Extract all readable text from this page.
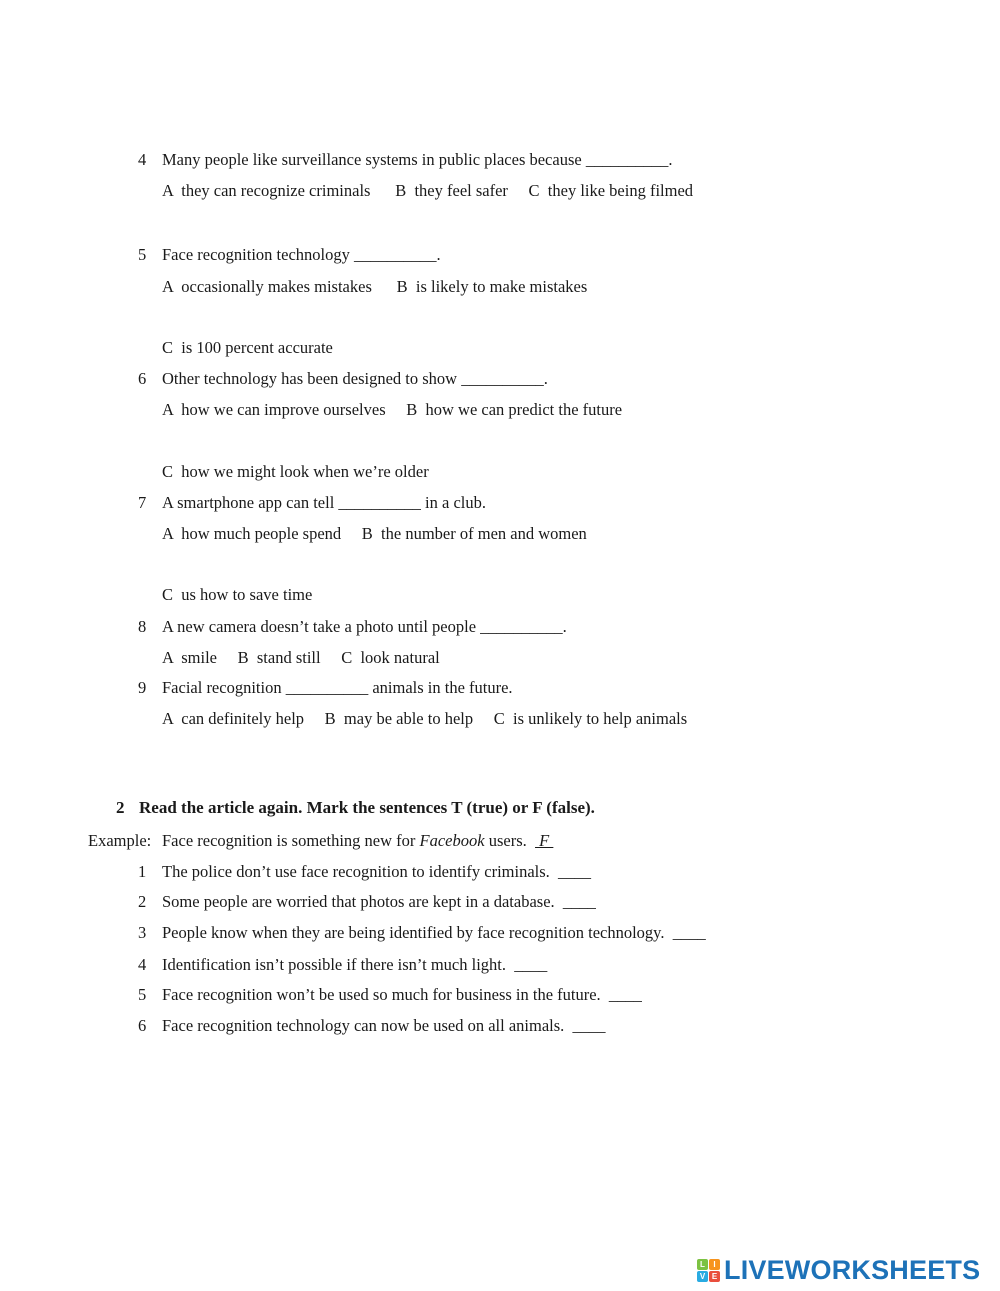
4 Many people like surveillance systems in public places because __________.
A  they can recognize criminals      B  they feel safer     C  they like being filmed
5 Face recognition technology __________.
A  occasionally makes mistakes      B  is likely to make mistakes
C  is 100 percent accurate
6 Other technology has been designed to show __________.
A  how we can improve ourselves     B  how we can predict the future
C  how we might look when we’re older
7 A smartphone app can tell __________ in a club.
A  how much people spend     B  the number of men and women
C  us how to save time
8 A new camera doesn’t take a photo until people __________.
A  smile     B  stand still     C  look natural
9 Facial recognition __________ animals in the future.
A  can definitely help     B  may be able to help     C  is unlikely to help animals
2 Read the article again. Mark the sentences T (true) or F (false).
Example: Face recognition is something new for Facebook users.   F
1 The police don’t use face recognition to identify criminals.  ____
2 Some people are worried that photos are kept in a database.  ____
3 People know when they are being identified by face recognition technology.  ____
4 Identification isn’t possible if there isn’t much light.  ____
5 Face recognition won’t be used so much for business in the future.  ____
6 Face recognition technology can now be used on all animals.  ____
L	I
V E LIVEWORKSHEETS
